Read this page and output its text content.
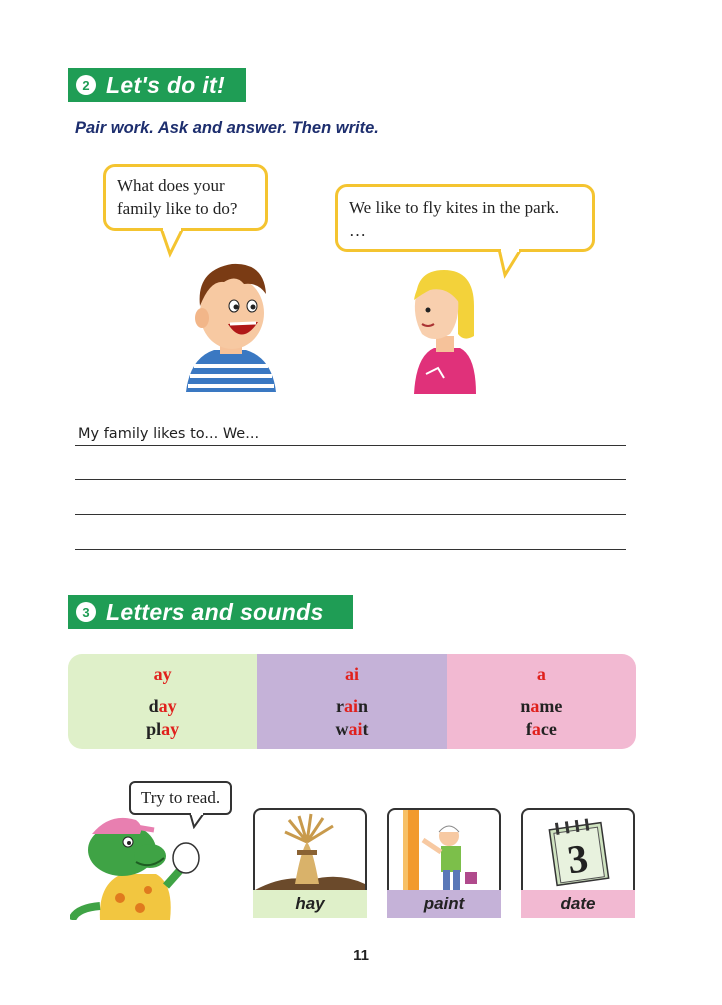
2 Let's do it!
Pair work. Ask and answer. Then write.
What does your
family like to do?	We like to fly kites in the park.
…
My family likes to... We...
3 Letters and sounds
ay
day
play
ai
rain
wait
a
name
face
Try to read.
hay	paint
3
date
11
